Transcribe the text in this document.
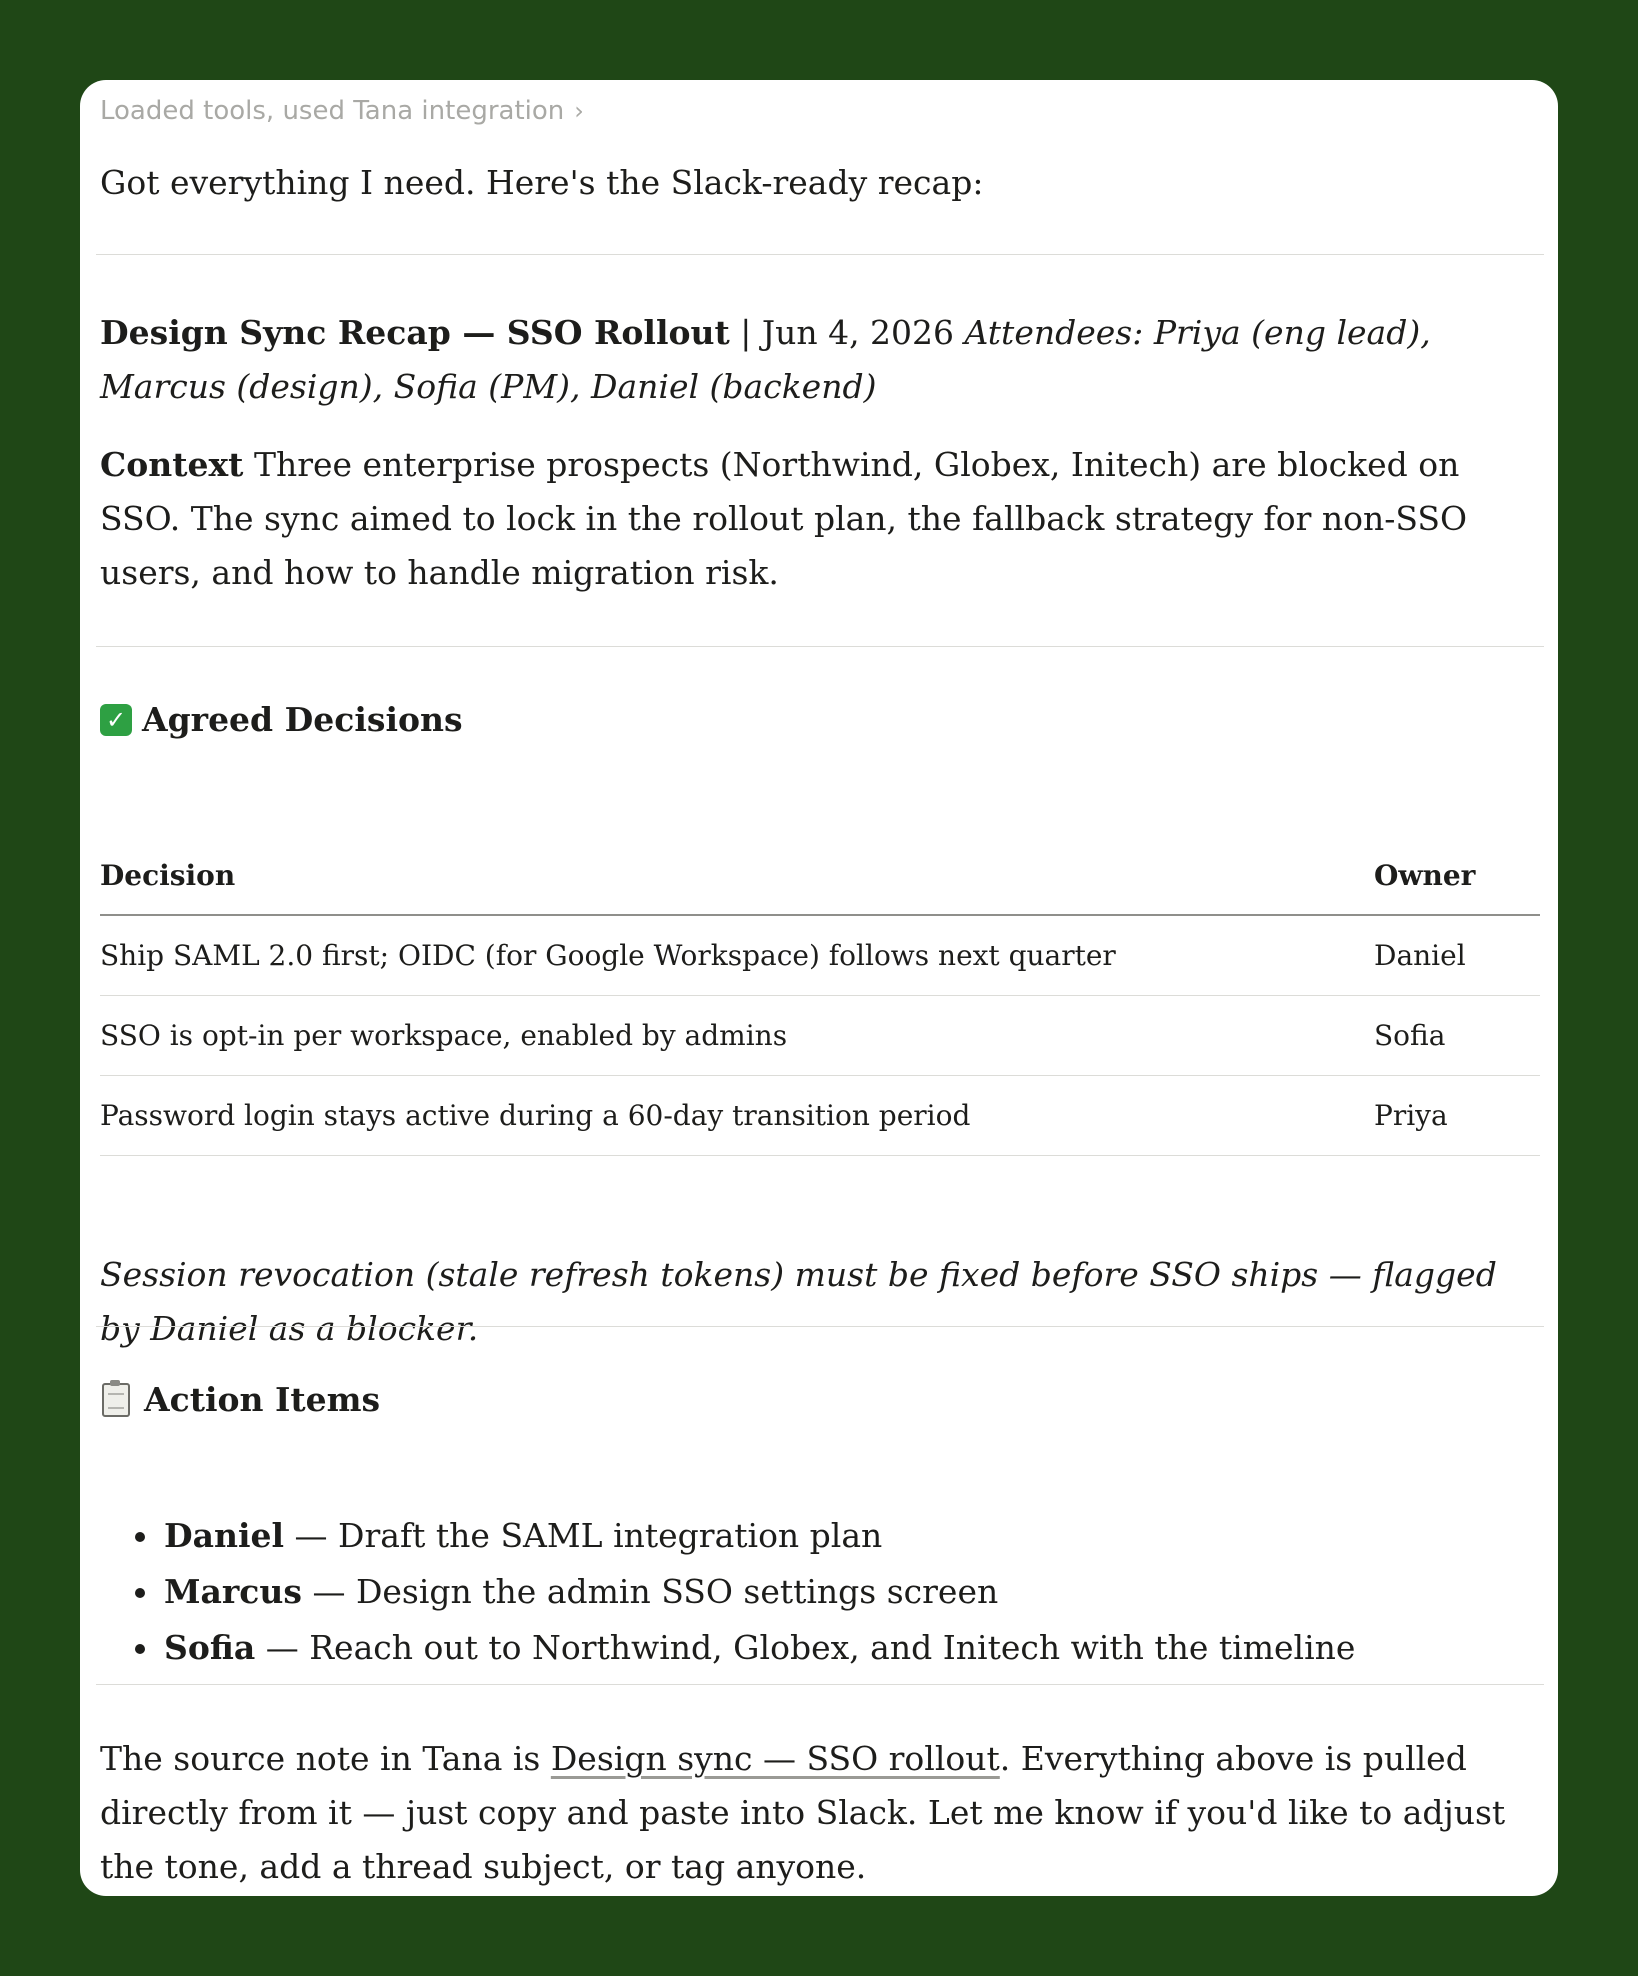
Loaded tools, used Tana integration ›

Got everything I need. Here's the Slack-ready recap:

Design Sync Recap — SSO Rollout | Jun 4, 2026 Attendees: Priya (eng lead), Marcus (design), Sofia (PM), Daniel (backend)

Context Three enterprise prospects (Northwind, Globex, Initech) are blocked on SSO. The sync aimed to lock in the rollout plan, the fallback strategy for non-SSO users, and how to handle migration risk.

✓ Agreed Decisions
Decision	Owner
Ship SAML 2.0 first; OIDC (for Google Workspace) follows next quarter	Daniel
SSO is opt-in per workspace, enabled by admins	Sofia
Password login stays active during a 60-day transition period	Priya

Session revocation (stale refresh tokens) must be fixed before SSO ships — flagged by Daniel as a blocker.

Action Items
• Daniel — Draft the SAML integration plan
• Marcus — Design the admin SSO settings screen
• Sofia — Reach out to Northwind, Globex, and Initech with the timeline

The source note in Tana is Design sync — SSO rollout. Everything above is pulled directly from it — just copy and paste into Slack. Let me know if you'd like to adjust the tone, add a thread subject, or tag anyone.
